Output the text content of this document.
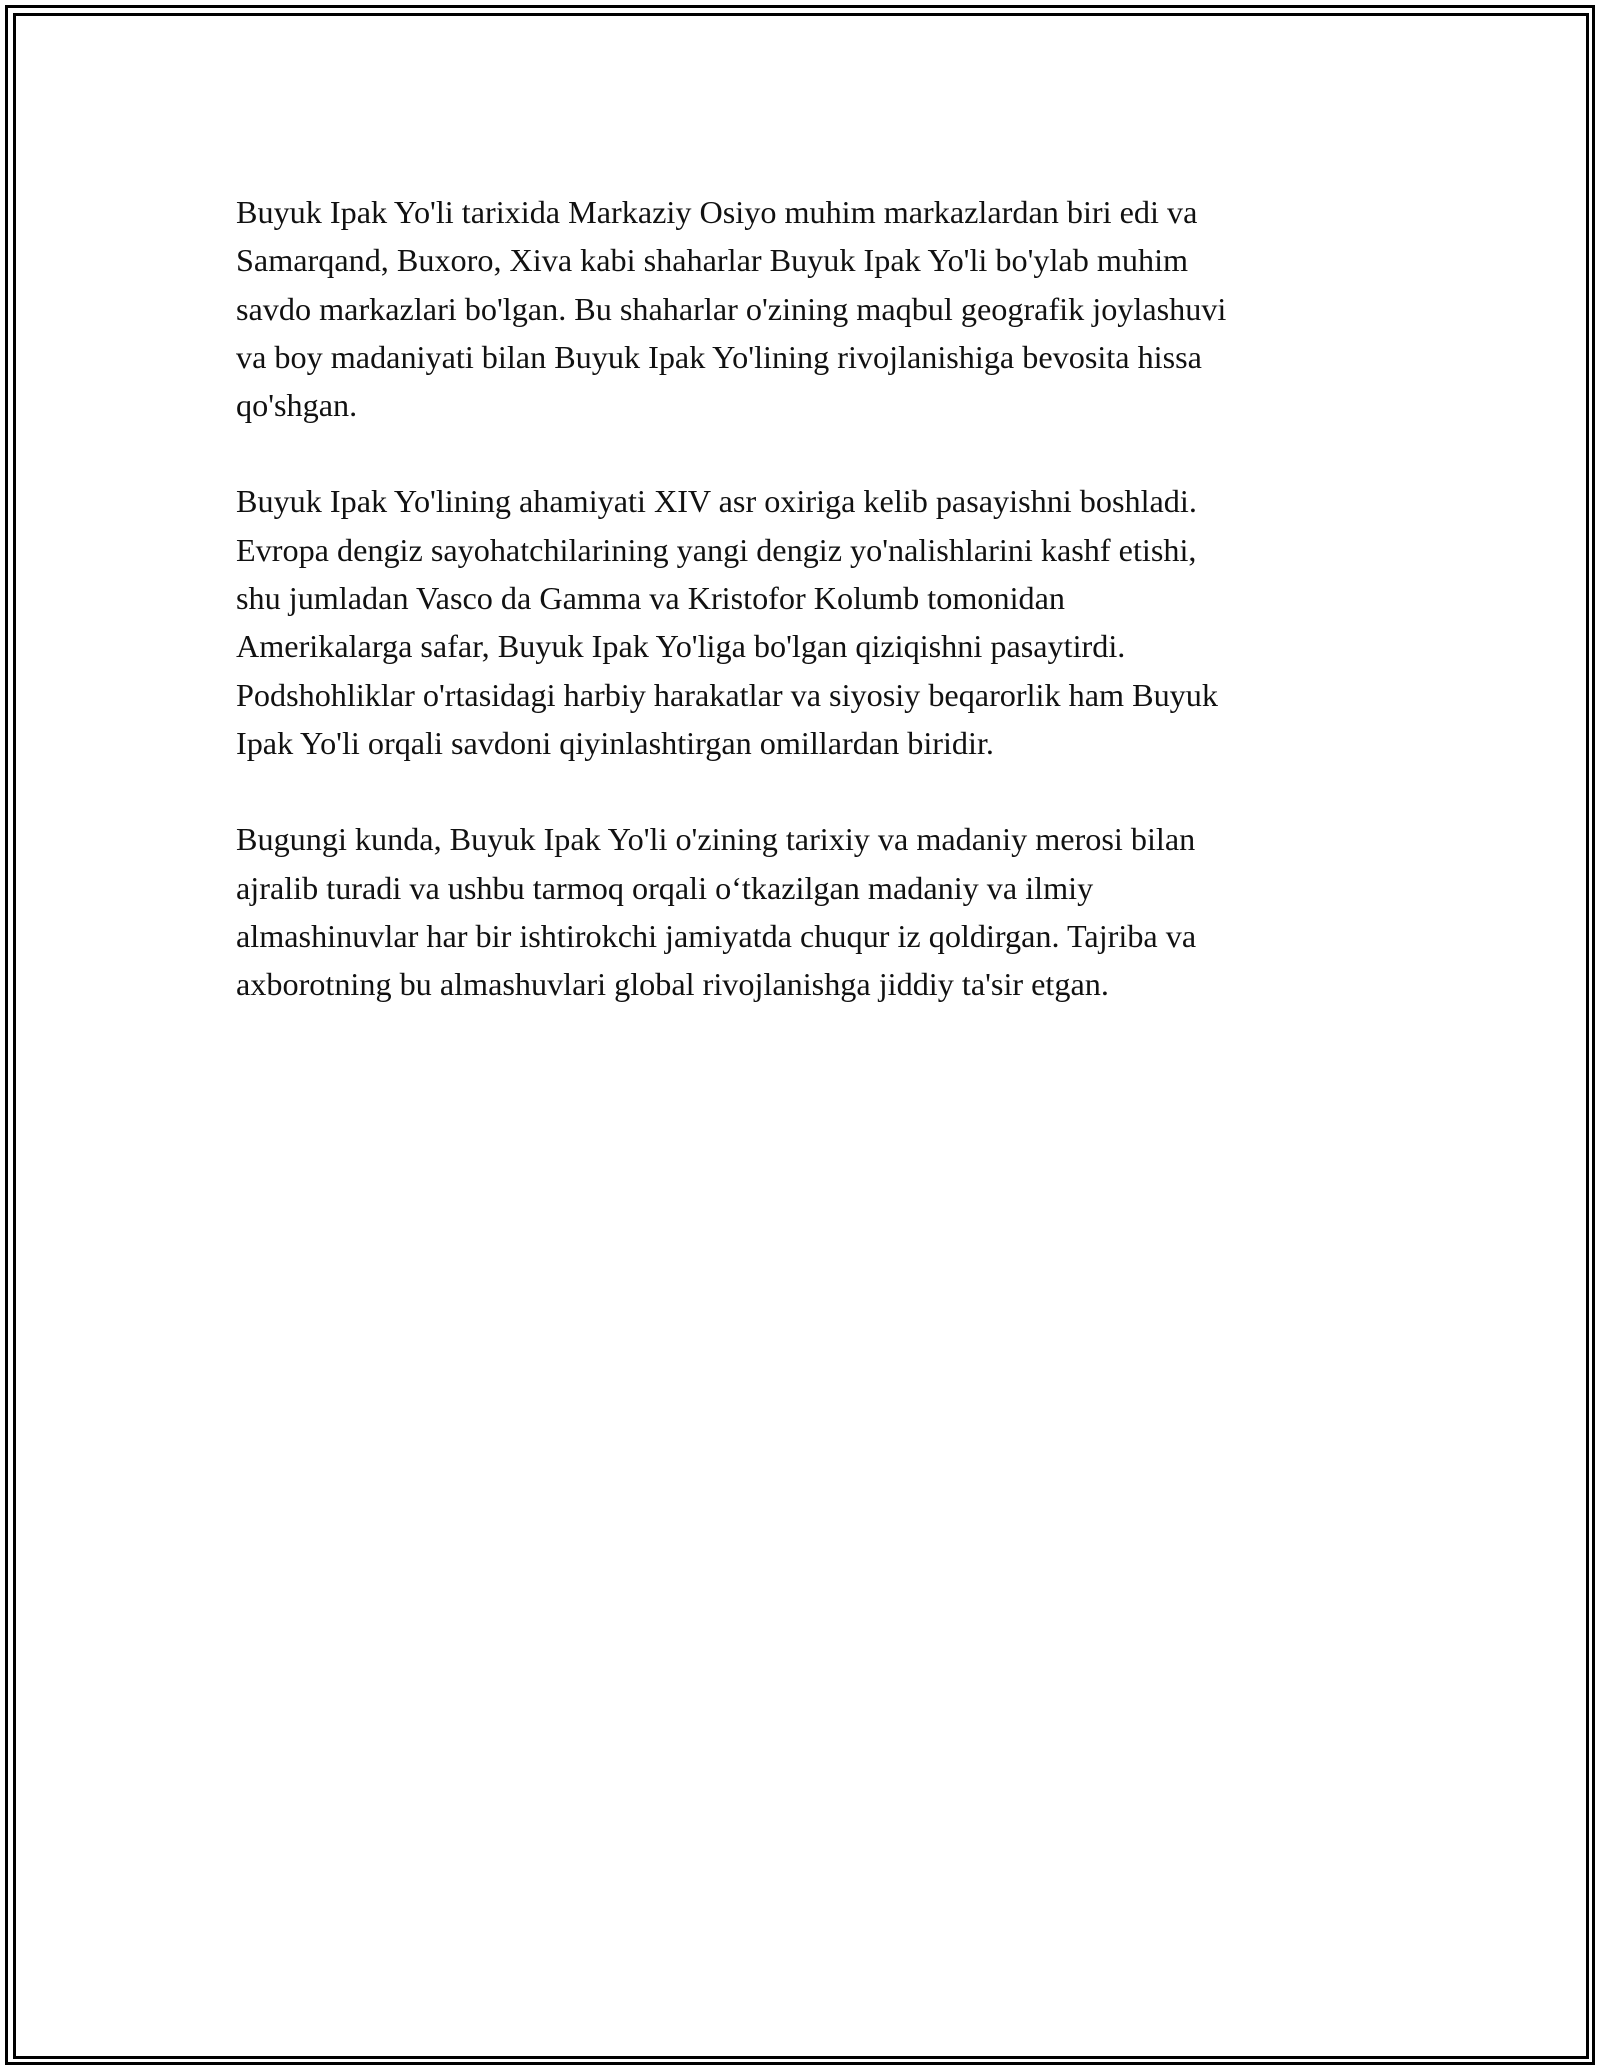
Buyuk Ipak Yo'li tarixida Markaziy Osiyo muhim markazlardan biri edi va
Samarqand, Buxoro, Xiva kabi shaharlar Buyuk Ipak Yo'li bo'ylab muhim
savdo markazlari bo'lgan. Bu shaharlar o'zining maqbul geografik joylashuvi
va boy madaniyati bilan Buyuk Ipak Yo'lining rivojlanishiga bevosita hissa
qo'shgan.

Buyuk Ipak Yo'lining ahamiyati XIV asr oxiriga kelib pasayishni boshladi.
Evropa dengiz sayohatchilarining yangi dengiz yo'nalishlarini kashf etishi,
shu jumladan Vasco da Gamma va Kristofor Kolumb tomonidan
Amerikalarga safar, Buyuk Ipak Yo'liga bo'lgan qiziqishni pasaytirdi.
Podshohliklar o'rtasidagi harbiy harakatlar va siyosiy beqarorlik ham Buyuk
Ipak Yo'li orqali savdoni qiyinlashtirgan omillardan biridir.

Bugungi kunda, Buyuk Ipak Yo'li o'zining tarixiy va madaniy merosi bilan
ajralib turadi va ushbu tarmoq orqali o‘tkazilgan madaniy va ilmiy
almashinuvlar har bir ishtirokchi jamiyatda chuqur iz qoldirgan. Tajriba va
axborotning bu almashuvlari global rivojlanishga jiddiy ta'sir etgan.
